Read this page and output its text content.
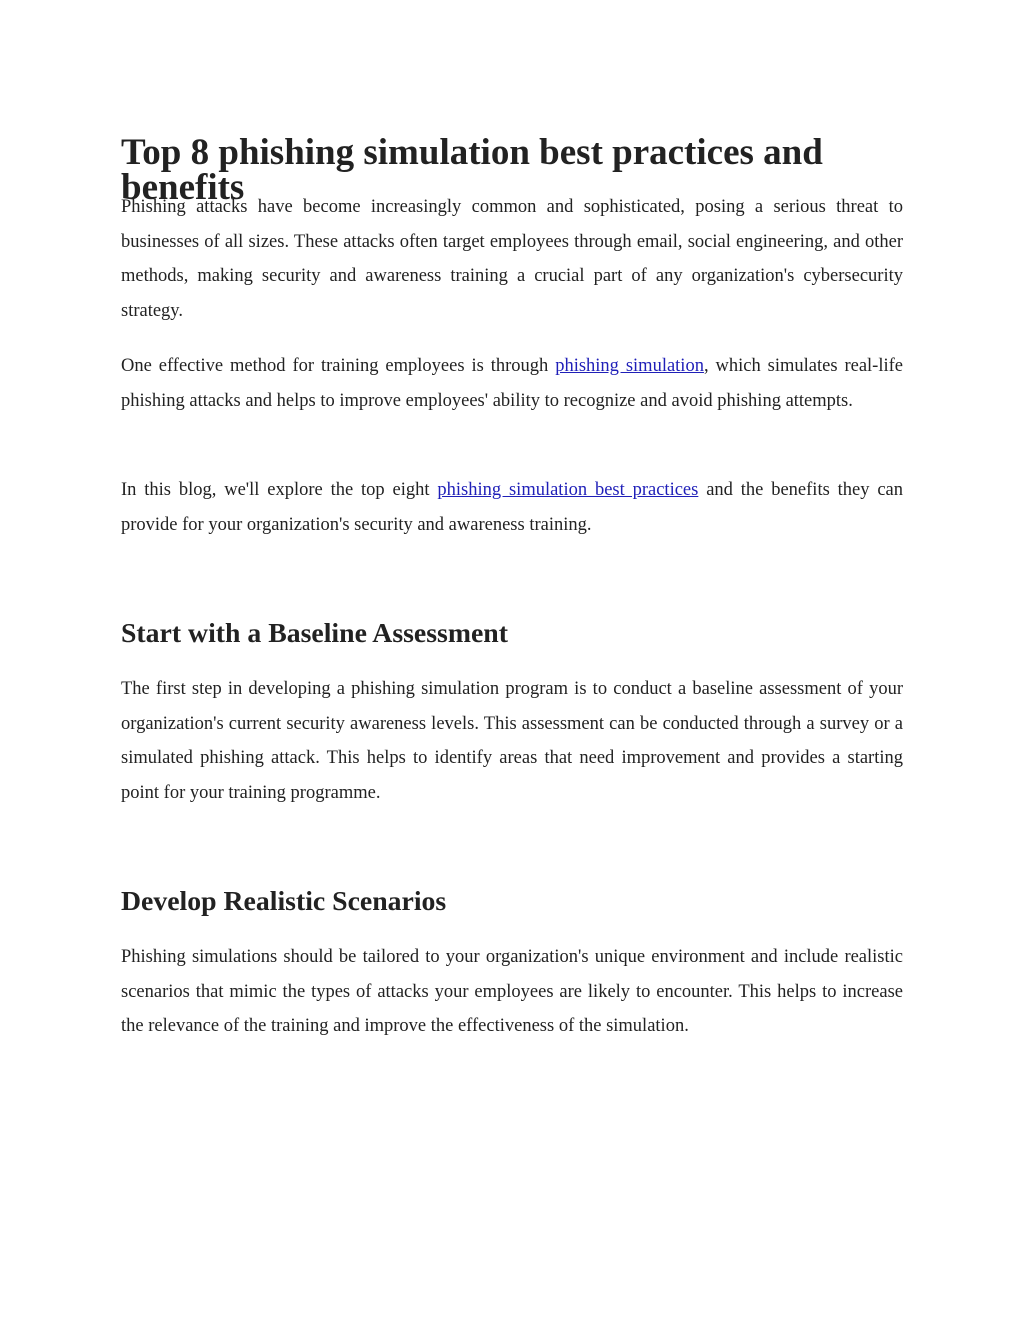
Top 8 phishing simulation best practices and benefits

Phishing attacks have become increasingly common and sophisticated, posing a serious threat to businesses of all sizes. These attacks often target employees through email, social engineering, and other methods, making security and awareness training a crucial part of any organization's cybersecurity strategy.

One effective method for training employees is through phishing simulation, which simulates real-life phishing attacks and helps to improve employees' ability to recognize and avoid phishing attempts.

In this blog, we'll explore the top eight phishing simulation best practices and the benefits they can provide for your organization's security and awareness training.

Start with a Baseline Assessment

The first step in developing a phishing simulation program is to conduct a baseline assessment of your organization's current security awareness levels. This assessment can be conducted through a survey or a simulated phishing attack. This helps to identify areas that need improvement and provides a starting point for your training programme.

Develop Realistic Scenarios

Phishing simulations should be tailored to your organization's unique environment and include realistic scenarios that mimic the types of attacks your employees are likely to encounter. This helps to increase the relevance of the training and improve the effectiveness of the simulation.
